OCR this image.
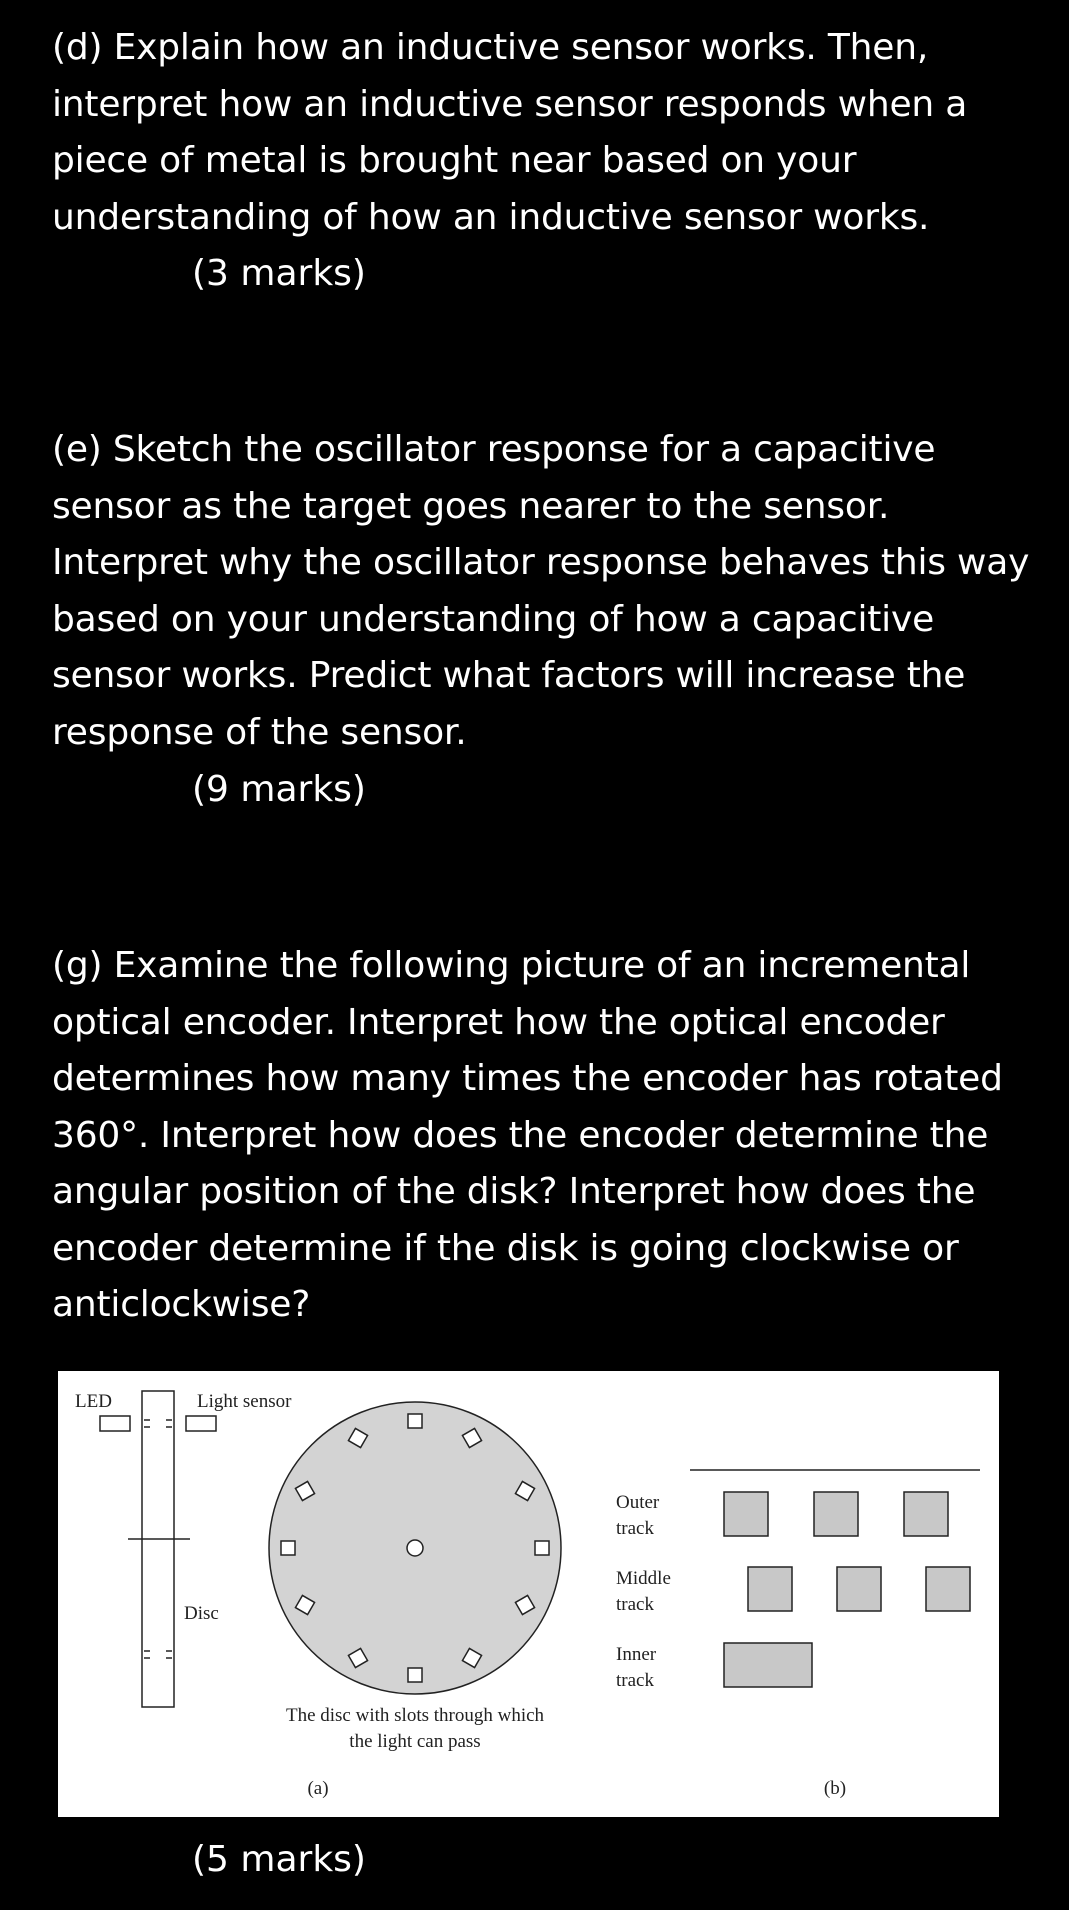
(d) Explain how an inductive sensor works. Then,
interpret how an inductive sensor responds when a
piece of metal is brought near based on your
understanding of how an inductive sensor works.
(3 marks)
(e) Sketch the oscillator response for a capacitive
sensor as the target goes nearer to the sensor.
Interpret why the oscillator response behaves this way
based on your understanding of how a capacitive
sensor works. Predict what factors will increase the
response of the sensor.
(9 marks)
(g) Examine the following picture of an incremental
optical encoder. Interpret how the optical encoder
determines how many times the encoder has rotated
360°. Interpret how does the encoder determine the
angular position of the disk? Interpret how does the
encoder determine if the disk is going clockwise or
anticlockwise?
LED	Light sensor
Disc
The disc with slots through which
the light can pass
(a)
Outer
track
Middle
track
Inner
track
(b)
(5 marks)
